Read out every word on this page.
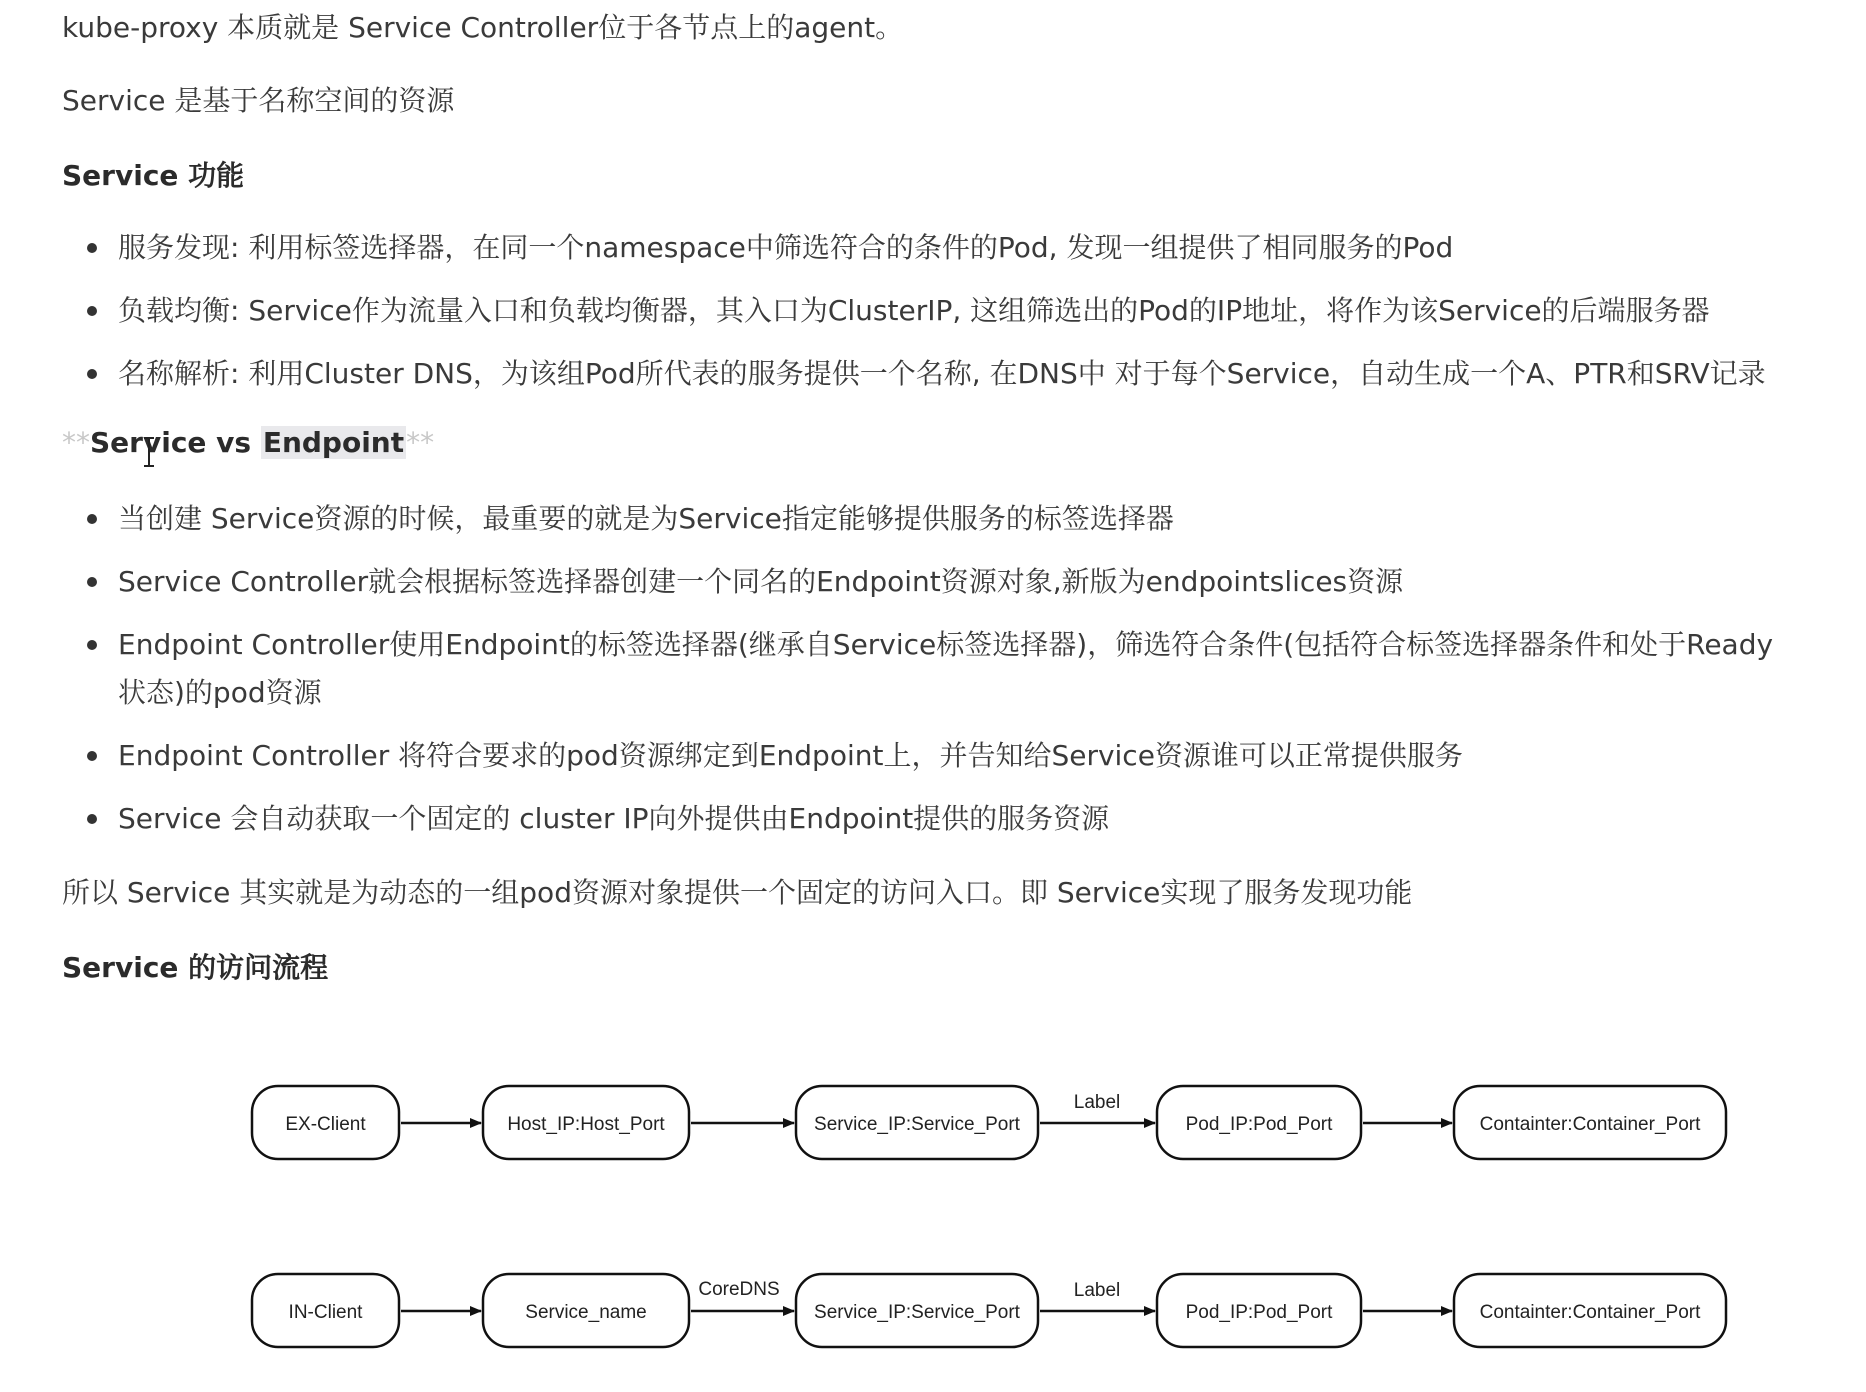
kube-proxy 本质就是 Service Controller位于各节点上的agent。

Service 是基于名称空间的资源

Service 功能
服务发现: 利用标签选择器，在同一个namespace中筛选符合的条件的Pod, 发现一组提供了相同服务的Pod
负载均衡: Service作为流量入口和负载均衡器，其入口为ClusterIP, 这组筛选出的Pod的IP地址，将作为该Service的后端服务器
名称解析: 利用Cluster DNS，为该组Pod所代表的服务提供一个名称, 在DNS中 对于每个Service，自动生成一个A、PTR和SRV记录
**Service vs Endpoint**
当创建 Service资源的时候，最重要的就是为Service指定能够提供服务的标签选择器
Service Controller就会根据标签选择器创建一个同名的Endpoint资源对象,新版为endpointslices资源
Endpoint Controller使用Endpoint的标签选择器(继承自Service标签选择器)，筛选符合条件(包括符合标签选择器条件和处于Ready
状态)的pod资源
Endpoint Controller 将符合要求的pod资源绑定到Endpoint上，并告知给Service资源谁可以正常提供服务
Service 会自动获取一个固定的 cluster IP向外提供由Endpoint提供的服务资源

所以 Service 其实就是为动态的一组pod资源对象提供一个固定的访问入口。即 Service实现了服务发现功能

Service 的访问流程
EX-Client	Host_IP:Host_Port	Service_IP:Service_Port	Pod_IP:Pod_Port	Containter:Container_Port
Label
IN-Client	Service_name	Service_IP:Service_Port	Pod_IP:Pod_Port	Containter:Container_Port
CoreDNS	Label
